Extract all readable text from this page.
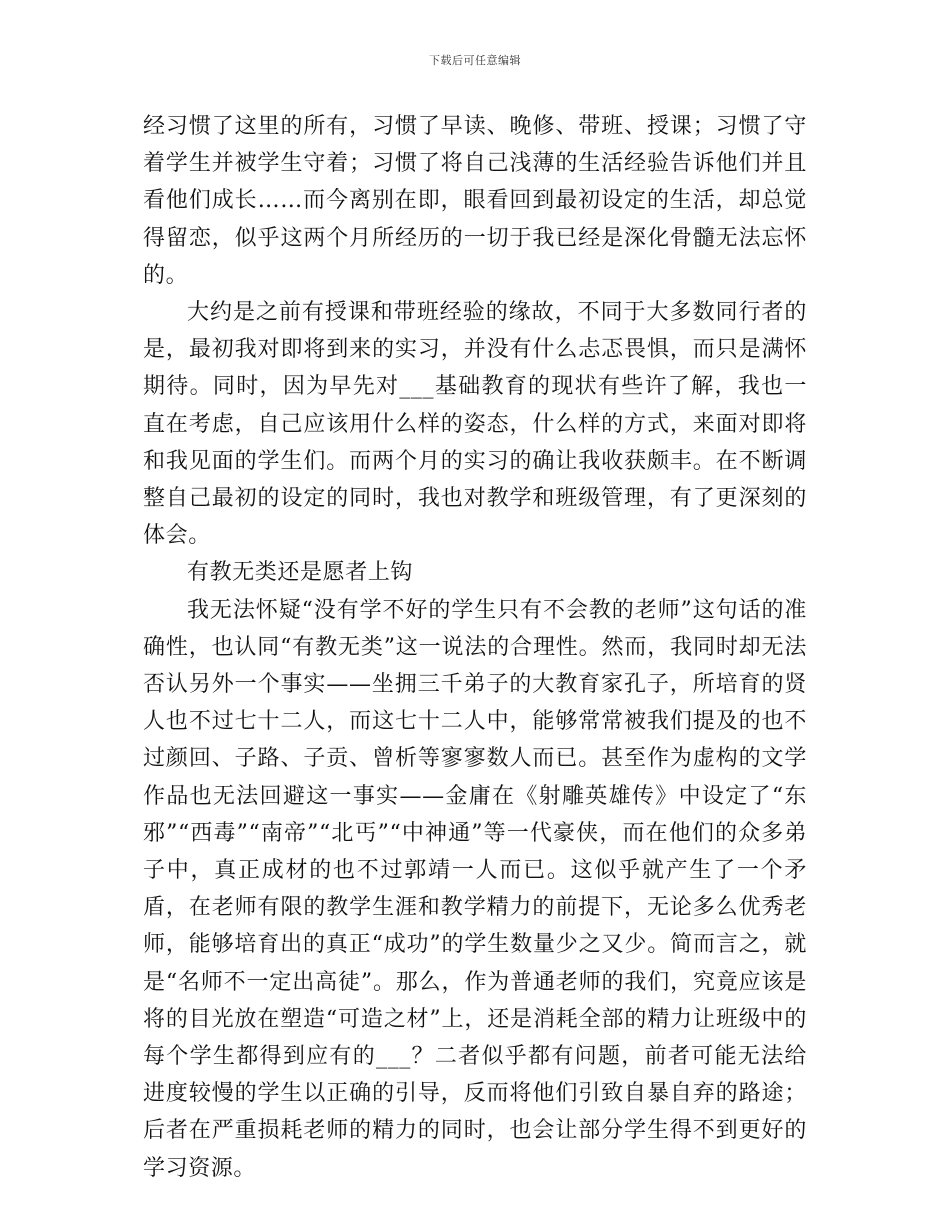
下载后可任意编辑

经习惯了这里的所有，习惯了早读、晚修、带班、授课；习惯了守着学生并被学生守着；习惯了将自己浅薄的生活经验告诉他们并且看他们成长……而今离别在即，眼看回到最初设定的生活，却总觉得留恋，似乎这两个月所经历的一切于我已经是深化骨髓无法忘怀的。

大约是之前有授课和带班经验的缘故，不同于大多数同行者的是，最初我对即将到来的实习，并没有什么忐忑畏惧，而只是满怀期待。同时，因为早先对___基础教育的现状有些许了解，我也一直在考虑，自己应该用什么样的姿态，什么样的方式，来面对即将和我见面的学生们。而两个月的实习的确让我收获颇丰。在不断调整自己最初的设定的同时，我也对教学和班级管理，有了更深刻的体会。

有教无类还是愿者上钩

我无法怀疑“没有学不好的学生只有不会教的老师”这句话的准确性，也认同“有教无类”这一说法的合理性。然而，我同时却无法否认另外一个事实——坐拥三千弟子的大教育家孔子，所培育的贤人也不过七十二人，而这七十二人中，能够常常被我们提及的也不过颜回、子路、子贡、曾析等寥寥数人而已。甚至作为虚构的文学作品也无法回避这一事实——金庸在《射雕英雄传》中设定了“东邪”“西毒”“南帝”“北丐”“中神通”等一代豪侠，而在他们的众多弟子中，真正成材的也不过郭靖一人而已。这似乎就产生了一个矛盾，在老师有限的教学生涯和教学精力的前提下，无论多么优秀老师，能够培育出的真正“成功”的学生数量少之又少。简而言之，就是“名师不一定出高徒”。那么，作为普通老师的我们，究竟应该是将的目光放在塑造“可造之材”上，还是消耗全部的精力让班级中的每个学生都得到应有的___？二者似乎都有问题，前者可能无法给进度较慢的学生以正确的引导，反而将他们引致自暴自弃的路途；后者在严重损耗老师的精力的同时，也会让部分学生得不到更好的学习资源。
